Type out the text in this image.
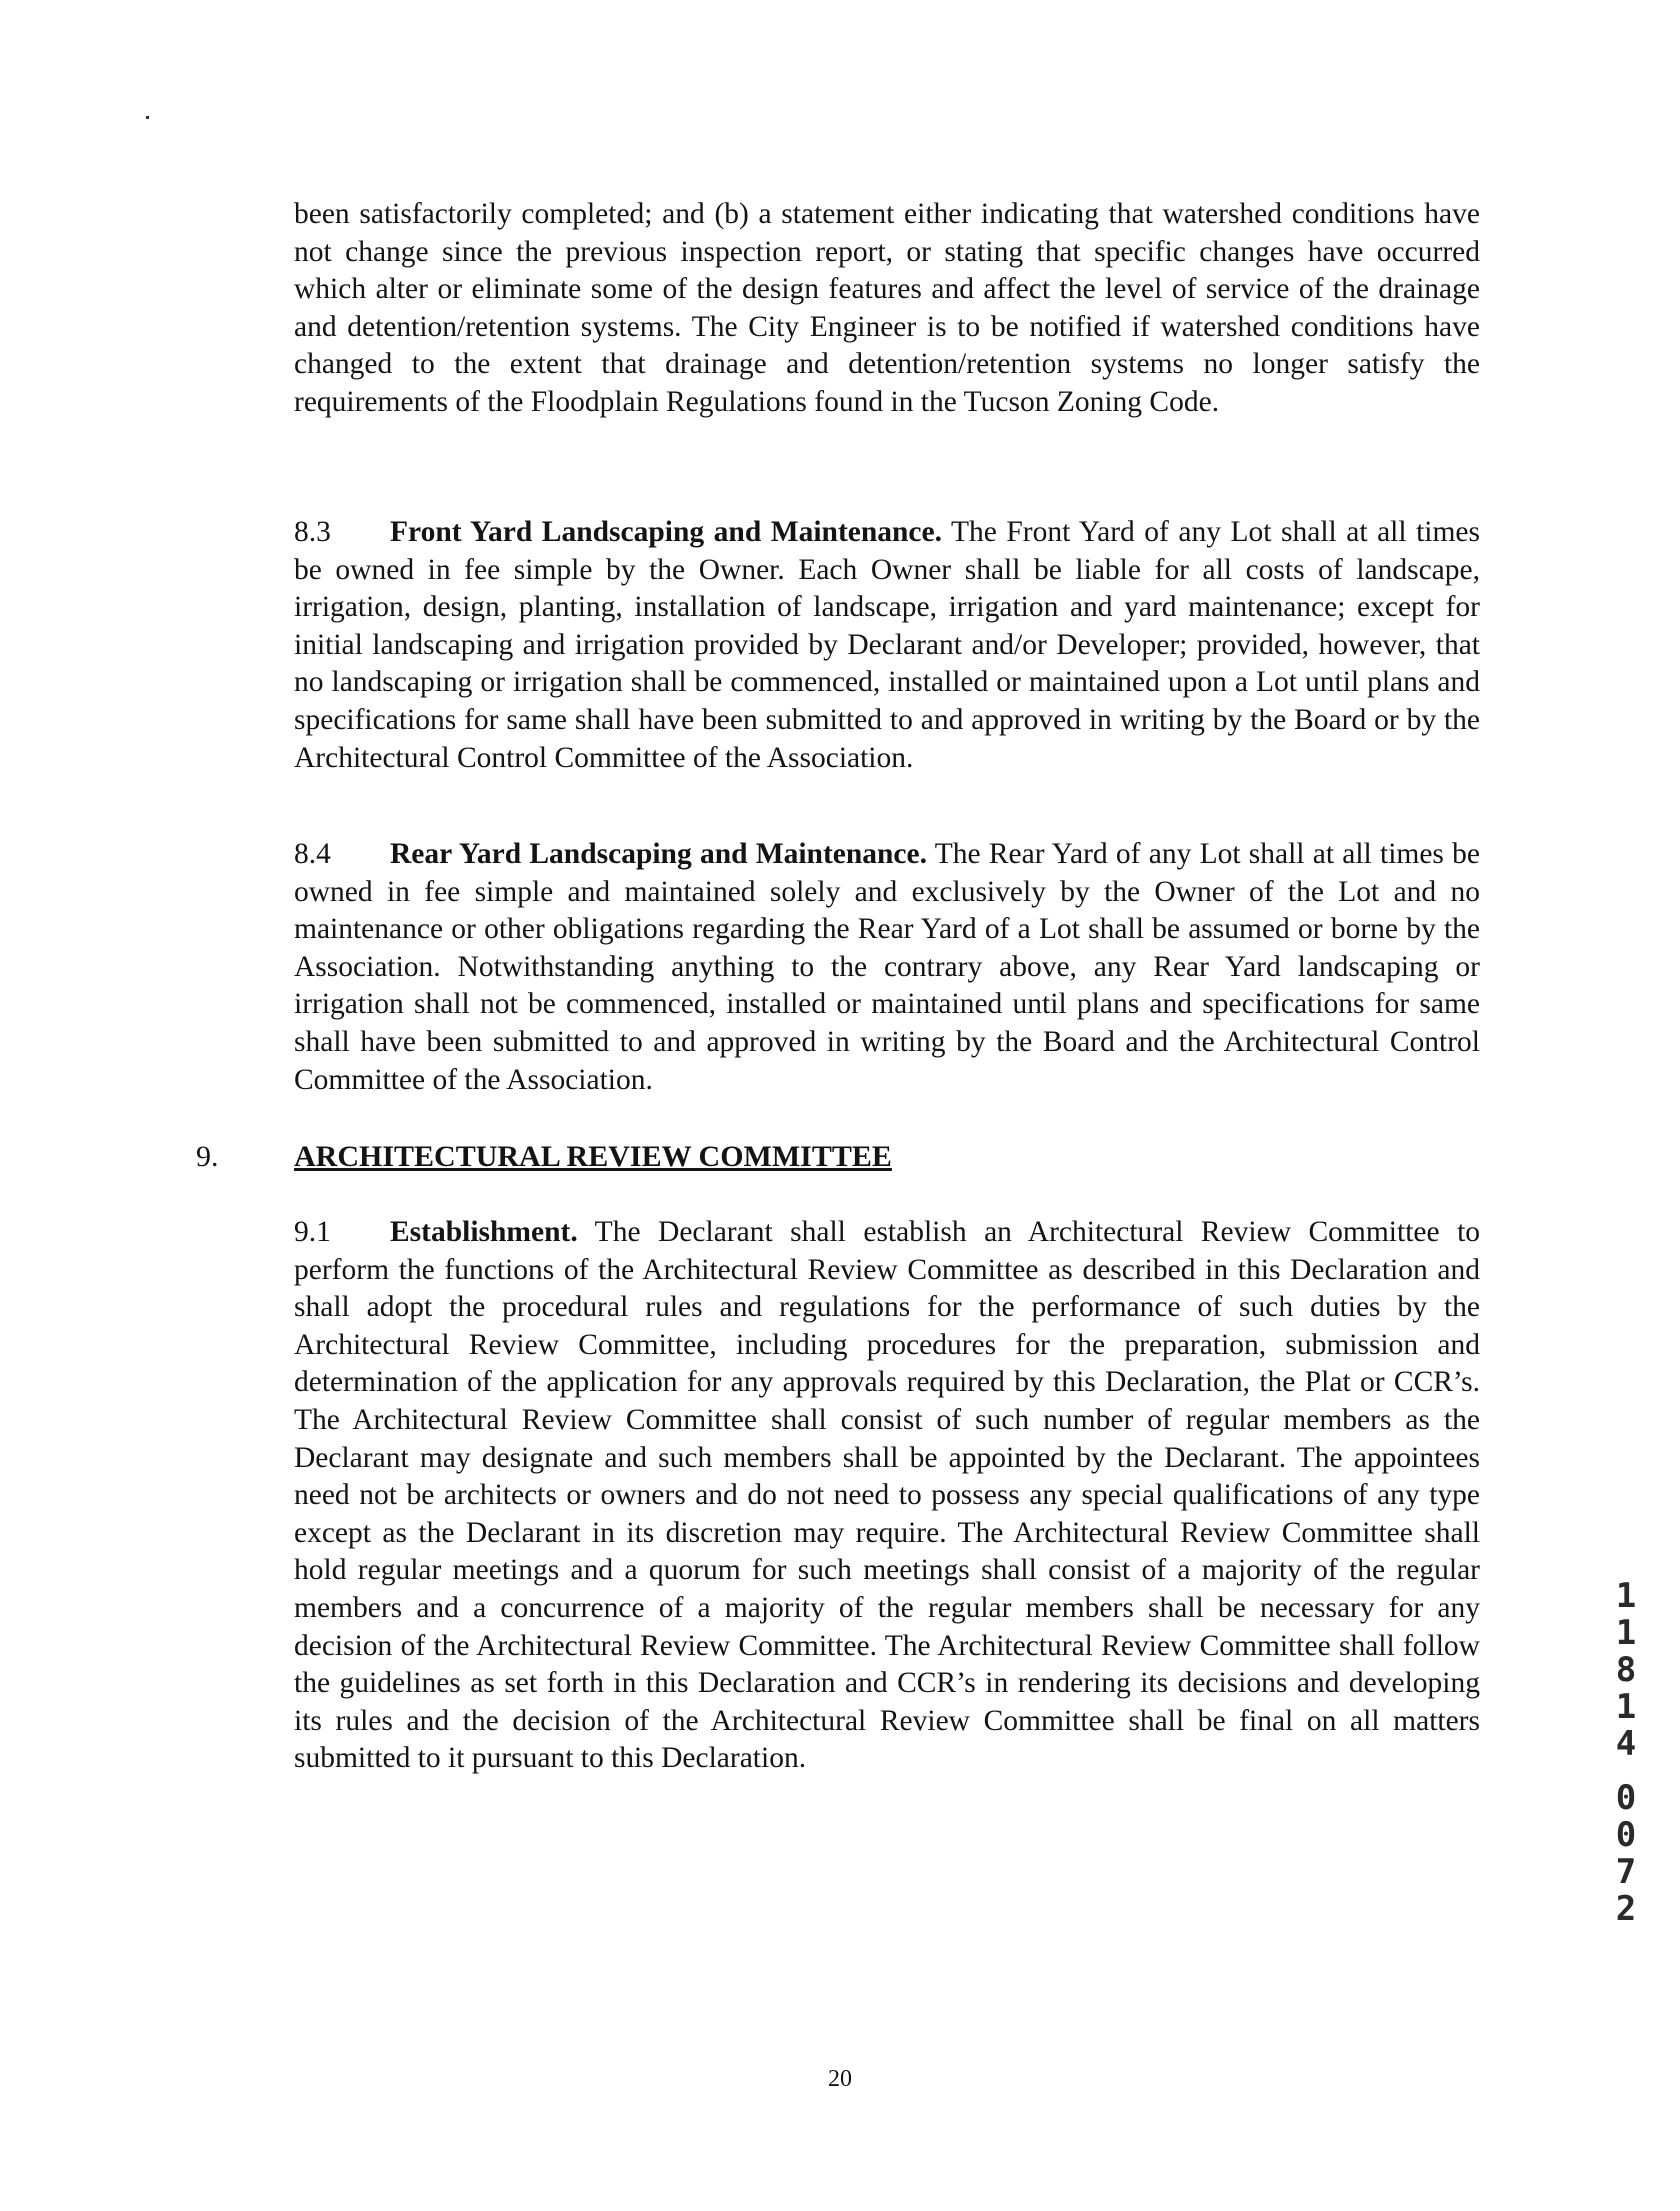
been satisfactorily completed; and (b) a statement either indicating that watershed conditions have not change since the previous inspection report, or stating that specific changes have occurred which alter or eliminate some of the design features and affect the level of service of the drainage and detention/retention systems. The City Engineer is to be notified if watershed conditions have changed to the extent that drainage and detention/retention systems no longer satisfy the requirements of the Floodplain Regulations found in the Tucson Zoning Code.

8.3 Front Yard Landscaping and Maintenance. The Front Yard of any Lot shall at all times be owned in fee simple by the Owner. Each Owner shall be liable for all costs of landscape, irrigation, design, planting, installation of landscape, irrigation and yard maintenance; except for initial landscaping and irrigation provided by Declarant and/or Developer; provided, however, that no landscaping or irrigation shall be commenced, installed or maintained upon a Lot until plans and specifications for same shall have been submitted to and approved in writing by the Board or by the Architectural Control Committee of the Association.

8.4 Rear Yard Landscaping and Maintenance. The Rear Yard of any Lot shall at all times be owned in fee simple and maintained solely and exclusively by the Owner of the Lot and no maintenance or other obligations regarding the Rear Yard of a Lot shall be assumed or borne by the Association. Notwithstanding anything to the contrary above, any Rear Yard landscaping or irrigation shall not be commenced, installed or maintained until plans and specifications for same shall have been submitted to and approved in writing by the Board and the Architectural Control Committee of the Association.

9.	ARCHITECTURAL REVIEW COMMITTEE

9.1 Establishment. The Declarant shall establish an Architectural Review Committee to perform the functions of the Architectural Review Committee as described in this Declaration and shall adopt the procedural rules and regulations for the performance of such duties by the Architectural Review Committee, including procedures for the preparation, submission and determination of the application for any approvals required by this Declaration, the Plat or CCR’s. The Architectural Review Committee shall consist of such number of regular members as the Declarant may designate and such members shall be appointed by the Declarant. The appointees need not be architects or owners and do not need to possess any special qualifications of any type except as the Declarant in its discretion may require. The Architectural Review Committee shall hold regular meetings and a quorum for such meetings shall consist of a majority of the regular members and a concurrence of a majority of the regular members shall be necessary for any decision of the Architectural Review Committee. The Architectural Review Committee shall follow the guidelines as set forth in this Declaration and CCR’s in rendering its decisions and developing its rules and the decision of the Architectural Review Committee shall be final on all matters submitted to it pursuant to this Declaration.

1
1
8
1
4
0
0
7
2
20
